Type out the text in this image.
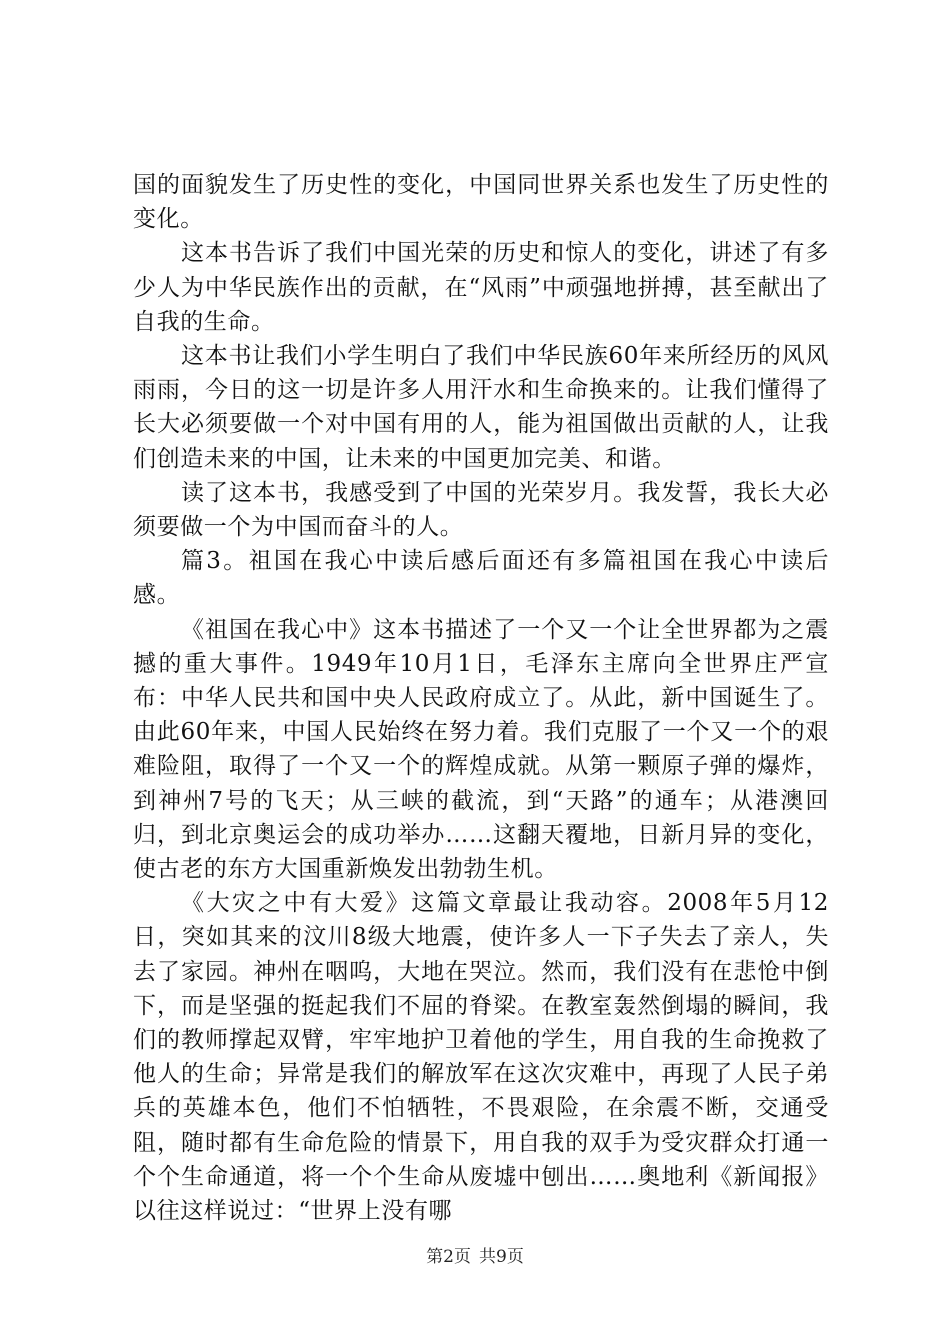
国的面貌发生了历史性的变化，中国同世界关系也发生了历史性的变化。

这本书告诉了我们中国光荣的历史和惊人的变化，讲述了有多少人为中华民族作出的贡献，在“风雨”中顽强地拼搏，甚至献出了自我的生命。

这本书让我们小学生明白了我们中华民族60年来所经历的风风雨雨，今日的这一切是许多人用汗水和生命换来的。让我们懂得了长大必须要做一个对中国有用的人，能为祖国做出贡献的人，让我们创造未来的中国，让未来的中国更加完美、和谐。

读了这本书，我感受到了中国的光荣岁月。我发誓，我长大必须要做一个为中国而奋斗的人。

篇3。祖国在我心中读后感后面还有多篇祖国在我心中读后感。

《祖国在我心中》这本书描述了一个又一个让全世界都为之震撼的重大事件。1949年10月1日，毛泽东主席向全世界庄严宣布：中华人民共和国中央人民政府成立了。从此，新中国诞生了。由此60年来，中国人民始终在努力着。我们克服了一个又一个的艰难险阻，取得了一个又一个的辉煌成就。从第一颗原子弹的爆炸，到神州7号的飞天；从三峡的截流，到“天路”的通车；从港澳回归，到北京奥运会的成功举办……这翻天覆地，日新月异的变化，使古老的东方大国重新焕发出勃勃生机。

《大灾之中有大爱》这篇文章最让我动容。2008年5月12日，突如其来的汶川8级大地震，使许多人一下子失去了亲人，失去了家园。神州在咽呜，大地在哭泣。然而，我们没有在悲怆中倒下，而是坚强的挺起我们不屈的脊梁。在教室轰然倒塌的瞬间，我们的教师撑起双臂，牢牢地护卫着他的学生，用自我的生命挽救了他人的生命；异常是我们的解放军在这次灾难中，再现了人民子弟兵的英雄本色，他们不怕牺牲，不畏艰险，在余震不断，交通受阻，随时都有生命危险的情景下，用自我的双手为受灾群众打通一个个生命通道，将一个个生命从废墟中刨出……奥地利《新闻报》以往这样说过：“世界上没有哪

第2页 共9页
